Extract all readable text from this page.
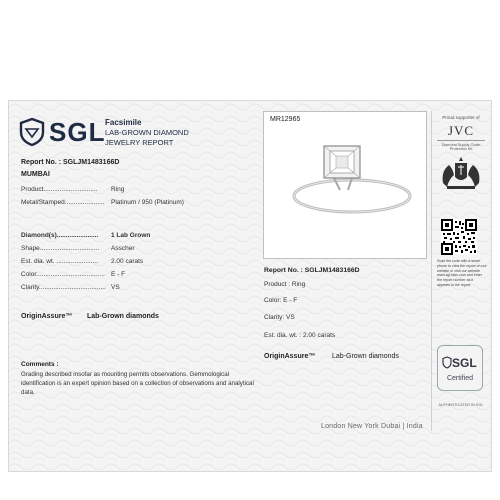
SGL Facsimile
LAB-GROWN DIAMOND
JEWELRY REPORT
Report No. : SGLJM1483166D
MUMBAI
Product..............................	Ring
Metal/Stamped......................	Platinum / 950 (Platinum)
Diamond(s).......................	1 Lab Grown
Shape.................................	Asscher
Est. dia. wt. .......................	2.00 carats
Color...................................... E - F
Clarity..................................... VS
OriginAssure™ Lab-Grown diamonds
Comments :
Grading described insofar as mounting permits observations. Gemmological identification is an expert opinion based on a collection of observations and analytical data.
MR12965
Report No. : SGLJM1483166D
Product : Ring
Color: E - F
Clarity: VS
Est. dia. wt. : 2.00 carats
OriginAssure™ Lab-Grown diamonds
Proud supporter of
JVC
Diamond Supply Chain Protection Kit
Scan the code with a smart phone to view the report on our website or visit our website www.sgl-labs.com and enter the report number as it appears in the report.
SGL
Certified
AUTHENTICATED IN SGL
London New York Dubai | India
